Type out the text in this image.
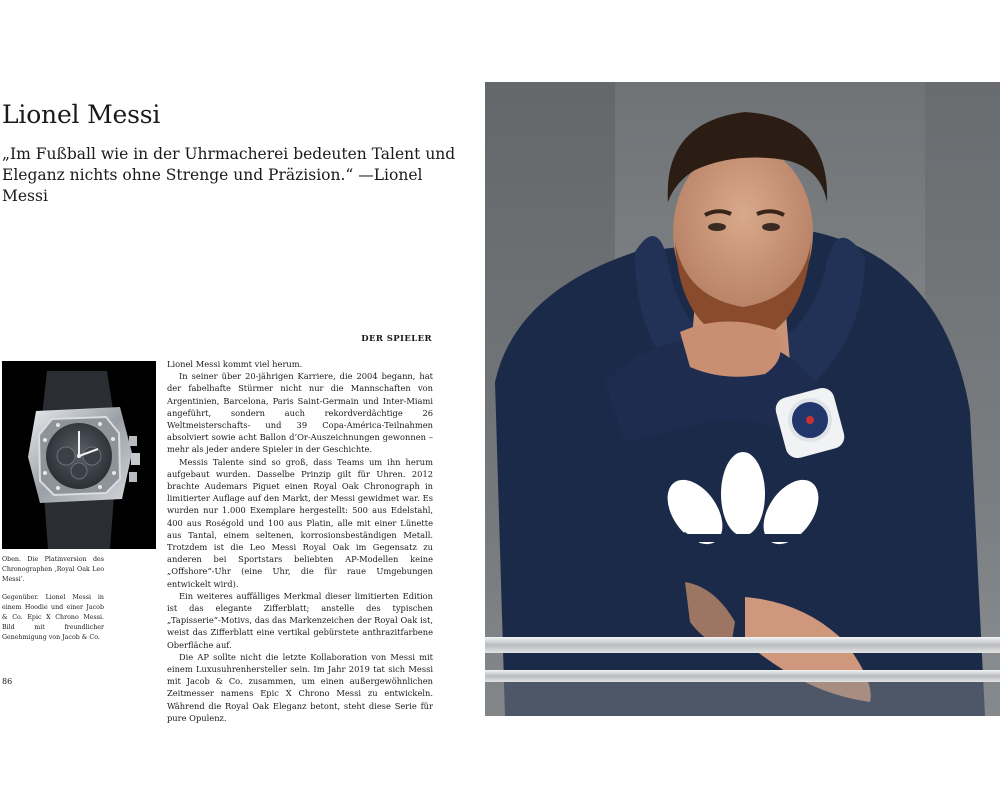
Lionel Messi

„Im Fußball wie in der Uhrmacherei bedeuten Talent und Eleganz nichts ohne Strenge und Präzision.“ —Lionel Messi

DER SPIELER

Oben. Die Platinversion des Chronographen ‚Royal Oak Leo Messi‘.

Gegenüber. Lionel Messi in einem Hoodie und einer Jacob & Co. Epic X Chrono Messi. Bild mit freundlicher Genehmigung von Jacob & Co.

86

Lionel Messi kommt viel herum.

In seiner über 20-jährigen Karriere, die 2004 begann, hat der fabelhafte Stürmer nicht nur die Mannschaften von Argentinien, Barcelona, Paris Saint-Germain und Inter-Miami angeführt, sondern auch rekordverdächtige 26 Weltmeisterschafts- und 39 Copa-América-Teilnahmen absolviert sowie acht Ballon d’Or-Auszeichnungen gewonnen – mehr als jeder andere Spieler in der Geschichte.

Messis Talente sind so groß, dass Teams um ihn herum aufgebaut wurden. Dasselbe Prinzip gilt für Uhren. 2012 brachte Audemars Piguet einen Royal Oak Chronograph in limitierter Auflage auf den Markt, der Messi gewidmet war. Es wurden nur 1.000 Exemplare hergestellt: 500 aus Edelstahl, 400 aus Roségold und 100 aus Platin, alle mit einer Lünette aus Tantal, einem seltenen, korrosionsbeständigen Metall. Trotzdem ist die Leo Messi Royal Oak im Gegensatz zu anderen bei Sportstars beliebten AP-Modellen keine „Offshore“-Uhr (eine Uhr, die für raue Umgebungen entwickelt wird).

Ein weiteres auffälliges Merkmal dieser limitierten Edition ist das elegante Zifferblatt; anstelle des typischen „Tapisserie“-Motivs, das das Markenzeichen der Royal Oak ist, weist das Zifferblatt eine vertikal gebürstete anthrazitfarbene Oberfläche auf.

Die AP sollte nicht die letzte Kollaboration von Messi mit einem Luxusuhrenhersteller sein. Im Jahr 2019 tat sich Messi mit Jacob & Co. zusammen, um einen außergewöhnlichen Zeitmesser namens Epic X Chrono Messi zu entwickeln. Während die Royal Oak Eleganz betont, steht diese Serie für pure Opulenz.
